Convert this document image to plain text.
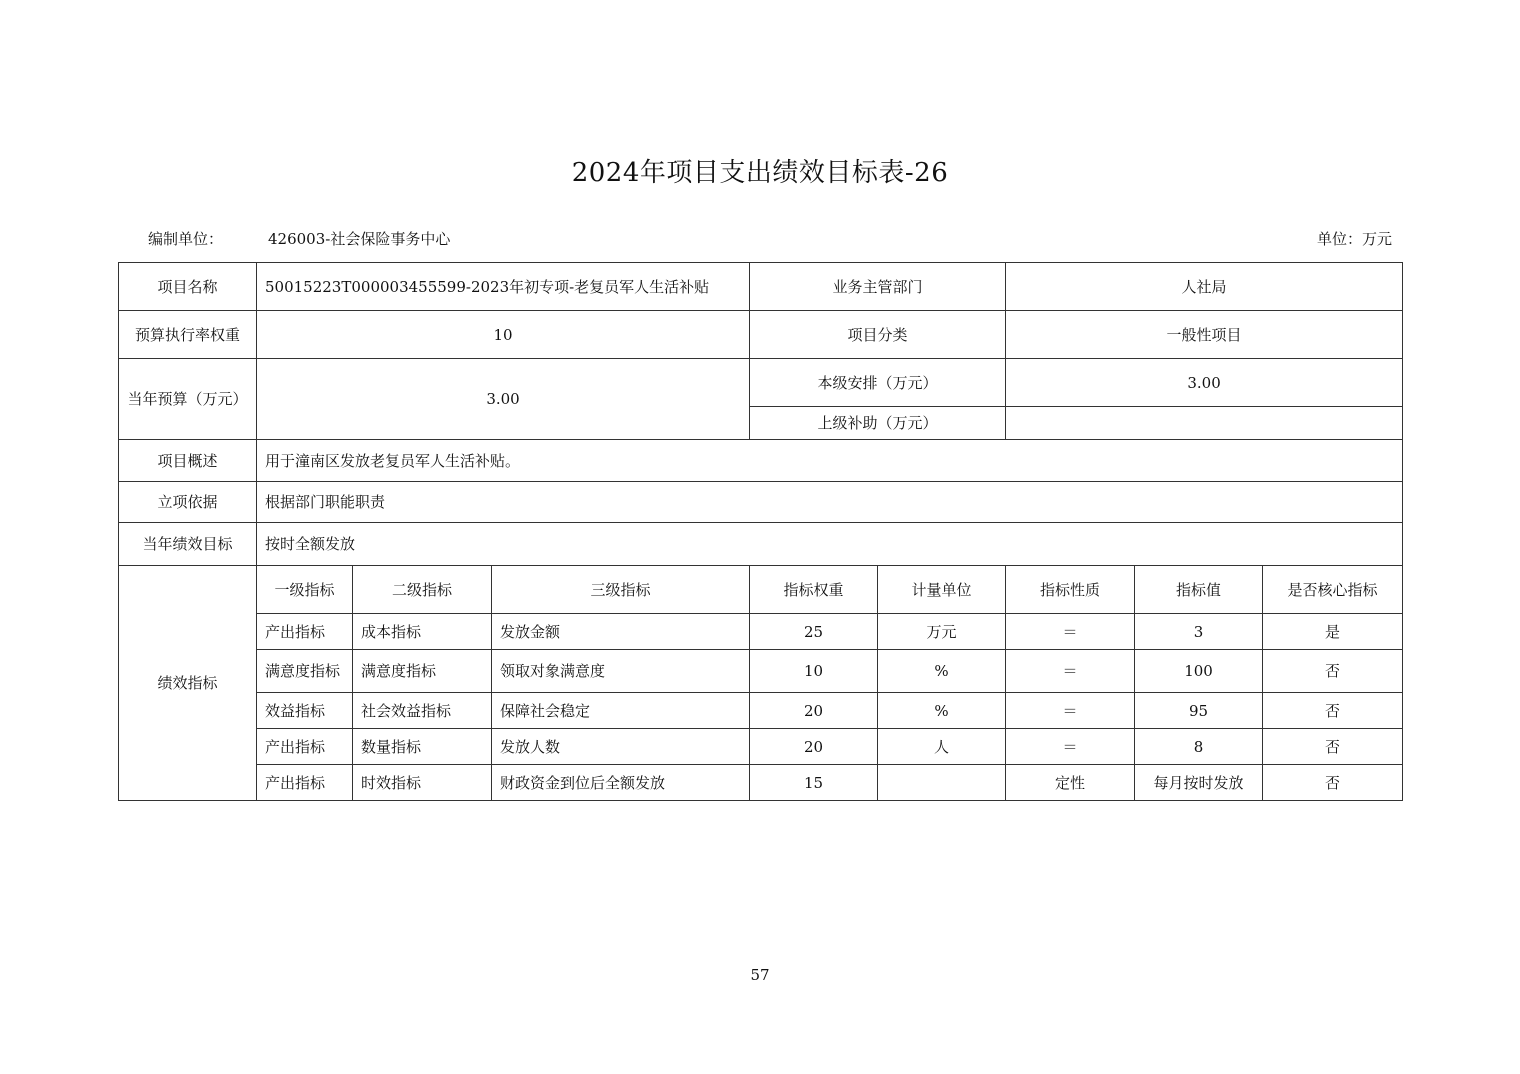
2024年项目支出绩效目标表-26
编制单位：	426003-社会保险事务中心	单位：万元
项目名称	50015223T000003455599-2023年初专项-老复员军人生活补贴			业务主管部门		人社局		
预算执行率权重	10			项目分类		一般性项目		
当年预算（万元）	3.00			本级安排（万元）		3.00		
				上级补助（万元）				
项目概述	用于潼南区发放老复员军人生活补贴。							
立项依据	根据部门职能职责							
当年绩效目标	按时全额发放							
绩效指标	一级指标	二级指标	三级指标	指标权重	计量单位	指标性质	指标值	是否核心指标
	产出指标	成本指标	发放金额	25	万元	＝	3	是
	满意度指标	满意度指标	领取对象满意度	10	%	＝	100	否
	效益指标	社会效益指标	保障社会稳定	20	%	＝	95	否
	产出指标	数量指标	发放人数	20	人	＝	8	否
	产出指标	时效指标	财政资金到位后全额发放	15		定性	每月按时发放	否
57
